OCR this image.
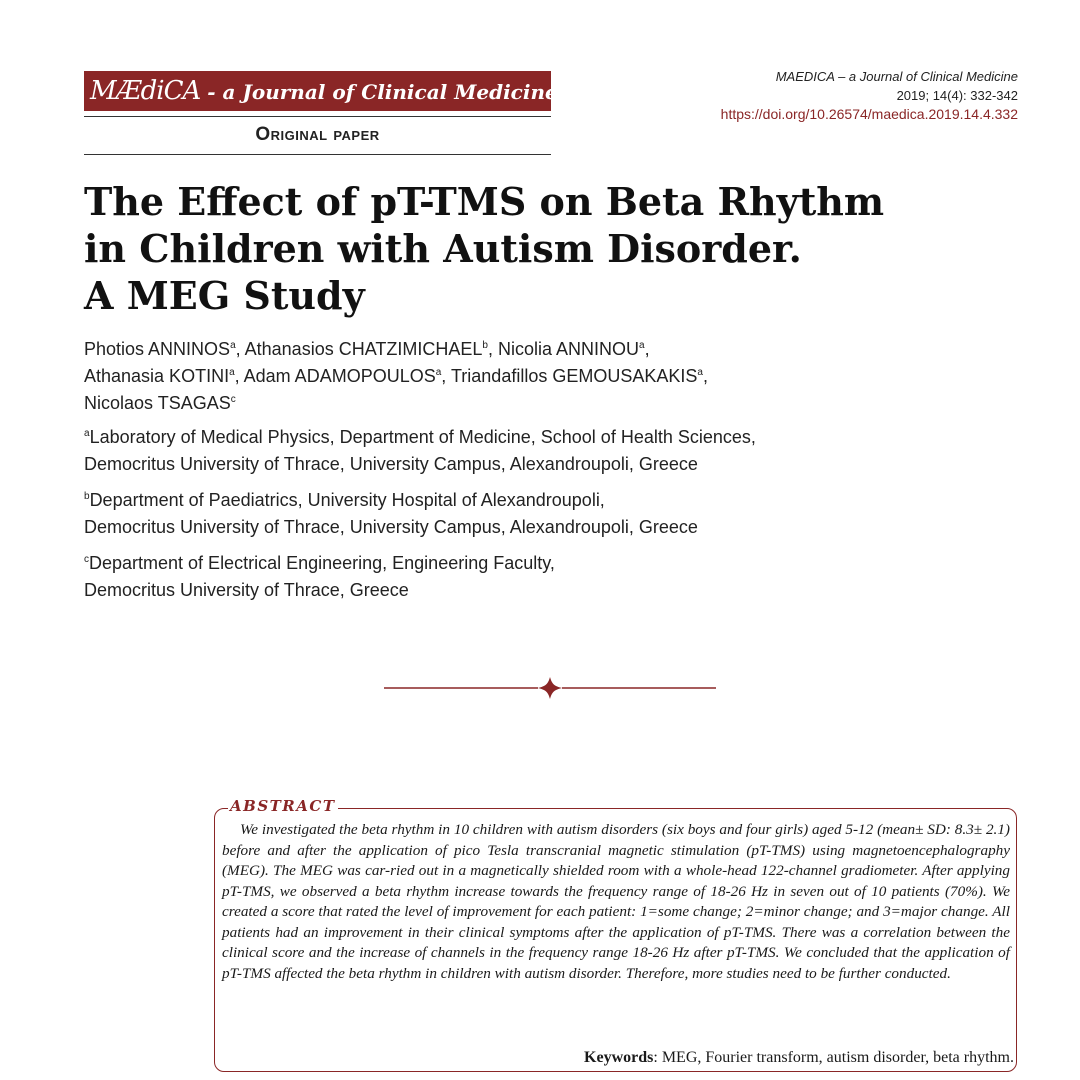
MÆdiCA - a Journal of Clinical Medicine
Original paper
MAEDICA – a Journal of Clinical Medicine
2019; 14(4): 332-342
https://doi.org/10.26574/maedica.2019.14.4.332
The Effect of pT-TMS on Beta Rhythm
in Children with Autism Disorder.
A MEG Study
Photios ANNINOS$^a$, Athanasios CHATZIMICHAEL$^b$, Nicolia ANNINOU$^a$,
Athanasia KOTINI$^a$, Adam ADAMOPOULOS$^a$, Triandafillos GEMOUSAKAKIS$^a$,
Nicolaos TSAGAS$^c$
$^a$Laboratory of Medical Physics, Department of Medicine, School of Health Sciences,
Democritus University of Thrace, University Campus, Alexandroupoli, Greece
$^b$Department of Paediatrics, University Hospital of Alexandroupoli,
Democritus University of Thrace, University Campus, Alexandroupoli, Greece
$^c$Department of Electrical Engineering, Engineering Faculty,
Democritus University of Thrace, Greece
ABSTRACT

We investigated the beta rhythm in 10 children with autism disorders (six boys and four girls) aged 5-12 (mean± SD: 8.3± 2.1) before and after the application of pico Tesla transcranial magnetic stimulation (pT-TMS) using magnetoencephalography (MEG). The MEG was car-ried out in a magnetically shielded room with a whole-head 122-channel gradiometer. After applying pT-TMS, we observed a beta rhythm increase towards the frequency range of 18-26 Hz in seven out of 10 patients (70%). We created a score that rated the level of improvement for each patient: 1=some change; 2=minor change; and 3=major change. All patients had an improvement in their clinical symptoms after the application of pT-TMS. There was a correlation between the clinical score and the increase of channels in the frequency range 18-26 Hz after pT-TMS. We concluded that the application of pT-TMS affected the beta rhythm in children with autism disorder. Therefore, more studies need to be further conducted.

Keywords: MEG, Fourier transform, autism disorder, beta rhythm.
